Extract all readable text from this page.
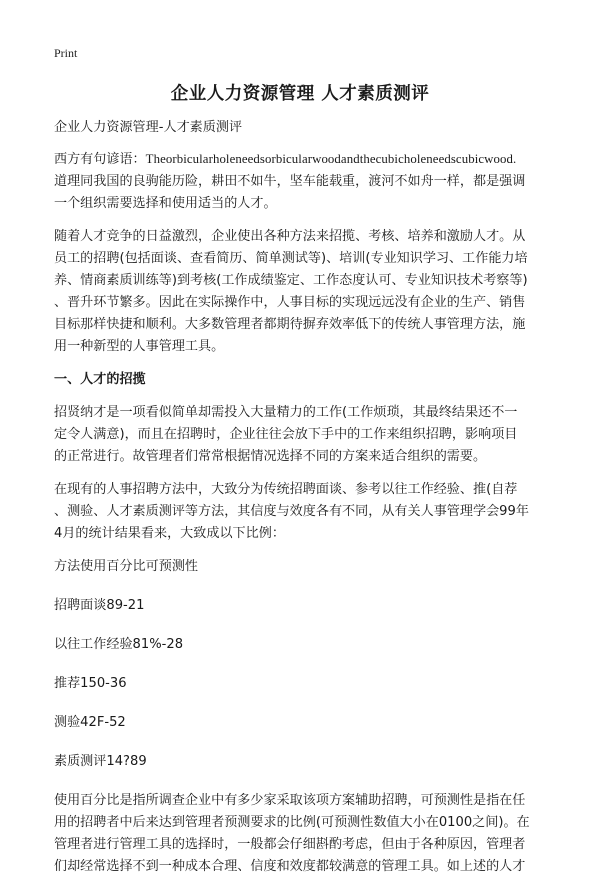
Print
企业人力资源管理 人才素质测评

企业人力资源管理-人才素质测评

西方有句谚语：Theorbicularholeneedsorbicularwoodandthecubicholeneedscubicwood.

道理同我国的良驹能历险，耕田不如牛，坚车能载重，渡河不如舟一样，都是强调

一个组织需要选择和使用适当的人才。

随着人才竞争的日益激烈，企业使出各种方法来招揽、考核、培养和激励人才。从

员工的招聘(包括面谈、查看简历、简单测试等)、培训(专业知识学习、工作能力培

养、情商素质训练等)到考核(工作成绩鉴定、工作态度认可、专业知识技术考察等)

、晋升环节繁多。因此在实际操作中，人事目标的实现远远没有企业的生产、销售

目标那样快捷和顺利。大多数管理者都期待摒弃效率低下的传统人事管理方法，施

用一种新型的人事管理工具。

一、人才的招揽

招贤纳才是一项看似简单却需投入大量精力的工作(工作烦琐，其最终结果还不一

定令人满意)，而且在招聘时，企业往往会放下手中的工作来组织招聘，影响项目

的正常进行。故管理者们常常根据情况选择不同的方案来适合组织的需要。

在现有的人事招聘方法中，大致分为传统招聘面谈、参考以往工作经验、推(自荐

、测验、人才素质测评等方法，其信度与效度各有不同，从有关人事管理学会99年

4月的统计结果看来，大致成以下比例：

方法使用百分比可预测性

招聘面谈89-21

以往工作经验81%-28

推荐150-36

测验42F-52

素质测评14?89

使用百分比是指所调查企业中有多少家采取该项方案辅助招聘，可预测性是指在任

用的招聘者中后来达到管理者预测要求的比例(可预测性数值大小在0100之间)。在

管理者进行管理工具的选择时，一般都会仔细斟酌考虑，但由于各种原因，管理者

们却经常选择不到一种成本合理、信度和效度都较满意的管理工具。如上述的人才
